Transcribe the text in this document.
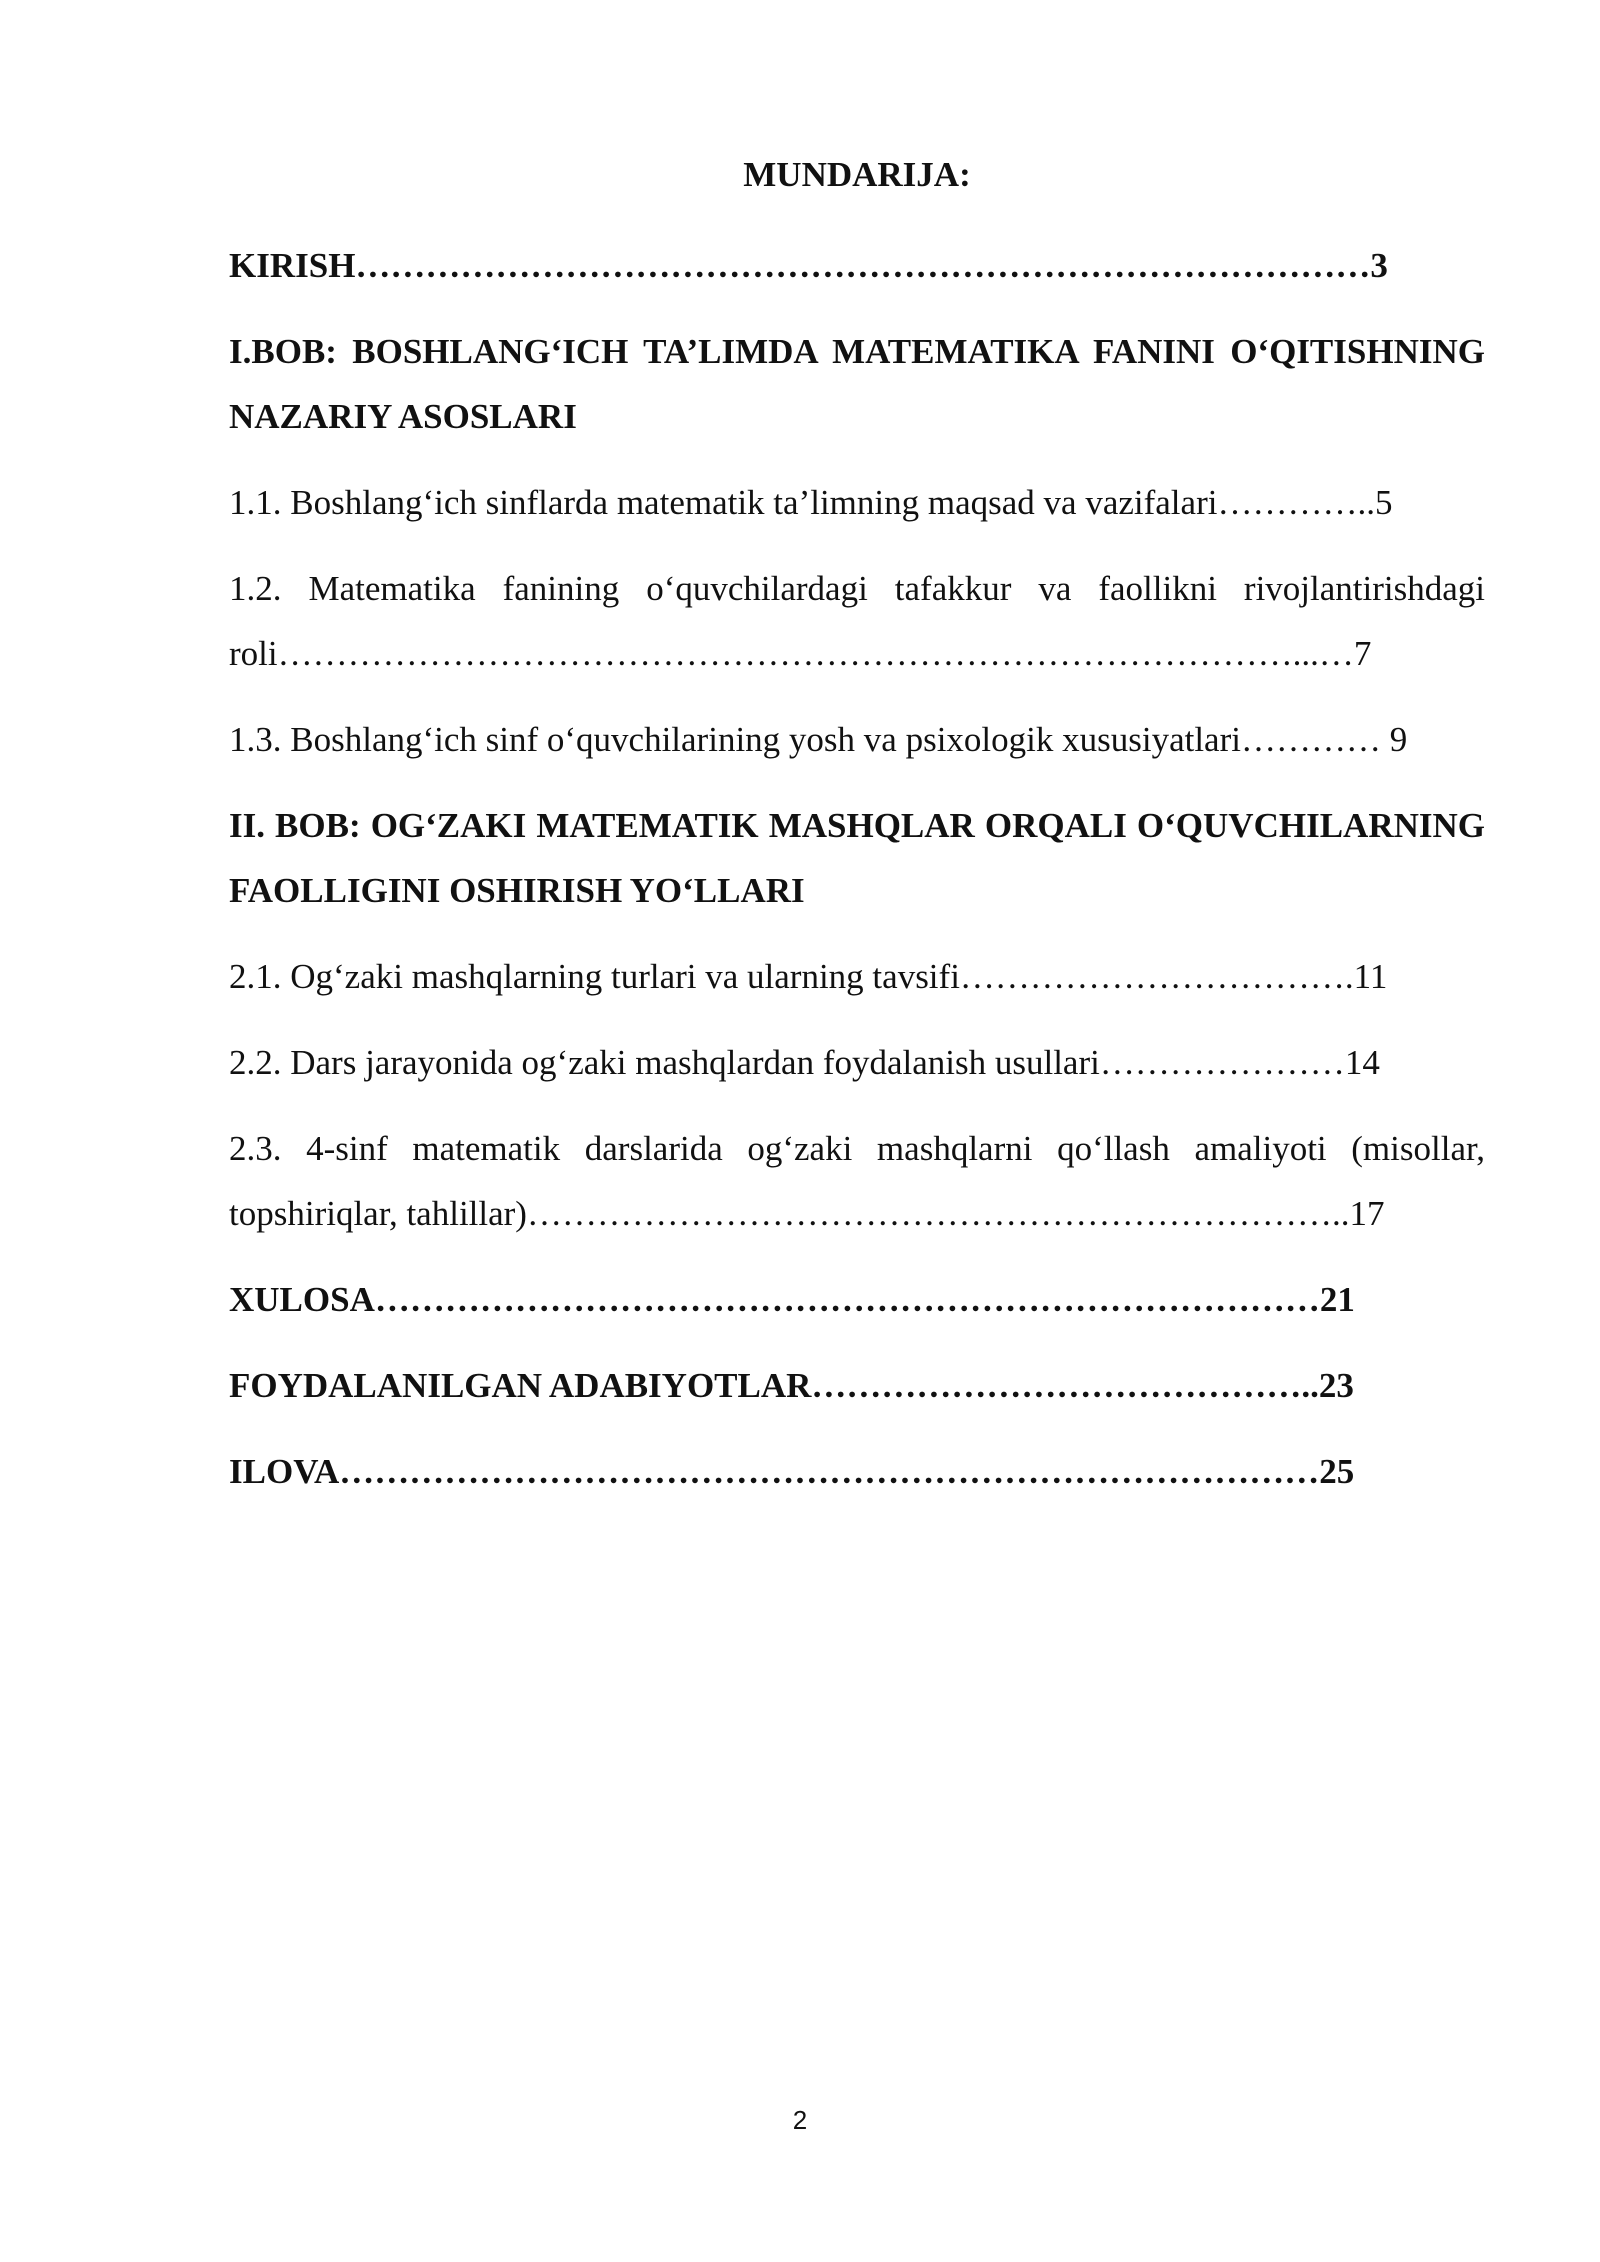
MUNDARIJA:
KIRISH……………………………………………………………………………3
I.BOB: BOSHLANG‘ICH TA’LIMDA MATEMATIKA FANINI O‘QITISHNING NAZARIY ASOSLARI
1.1. Boshlang‘ich sinflarda matematik ta’limning maqsad va vazifalari…………..5
1.2. Matematika fanining o‘quvchilardagi tafakkur va faollikni rivojlantirishdagi roli……………………………………………………………………………...…7
1.3. Boshlang‘ich sinf o‘quvchilarining yosh va psixologik xususiyatlari………… 9
II. BOB: OG‘ZAKI MATEMATIK MASHQLAR ORQALI O‘QUVCHILARNING FAOLLIGINI OSHIRISH YO‘LLARI
2.1. Og‘zaki mashqlarning turlari va ularning tavsifi…………………………….11
2.2. Dars jarayonida og‘zaki mashqlardan foydalanish usullari…………………14
2.3. 4-sinf matematik darslarida og‘zaki mashqlarni qo‘llash amaliyoti (misollar, topshiriqlar, tahlillar)……………………………………………………………..17
XULOSA………………………………………………………………………21
FOYDALANILGAN ADABIYOTLAR……………………………………..23
ILOVA…………………………………………………………………………25
2
